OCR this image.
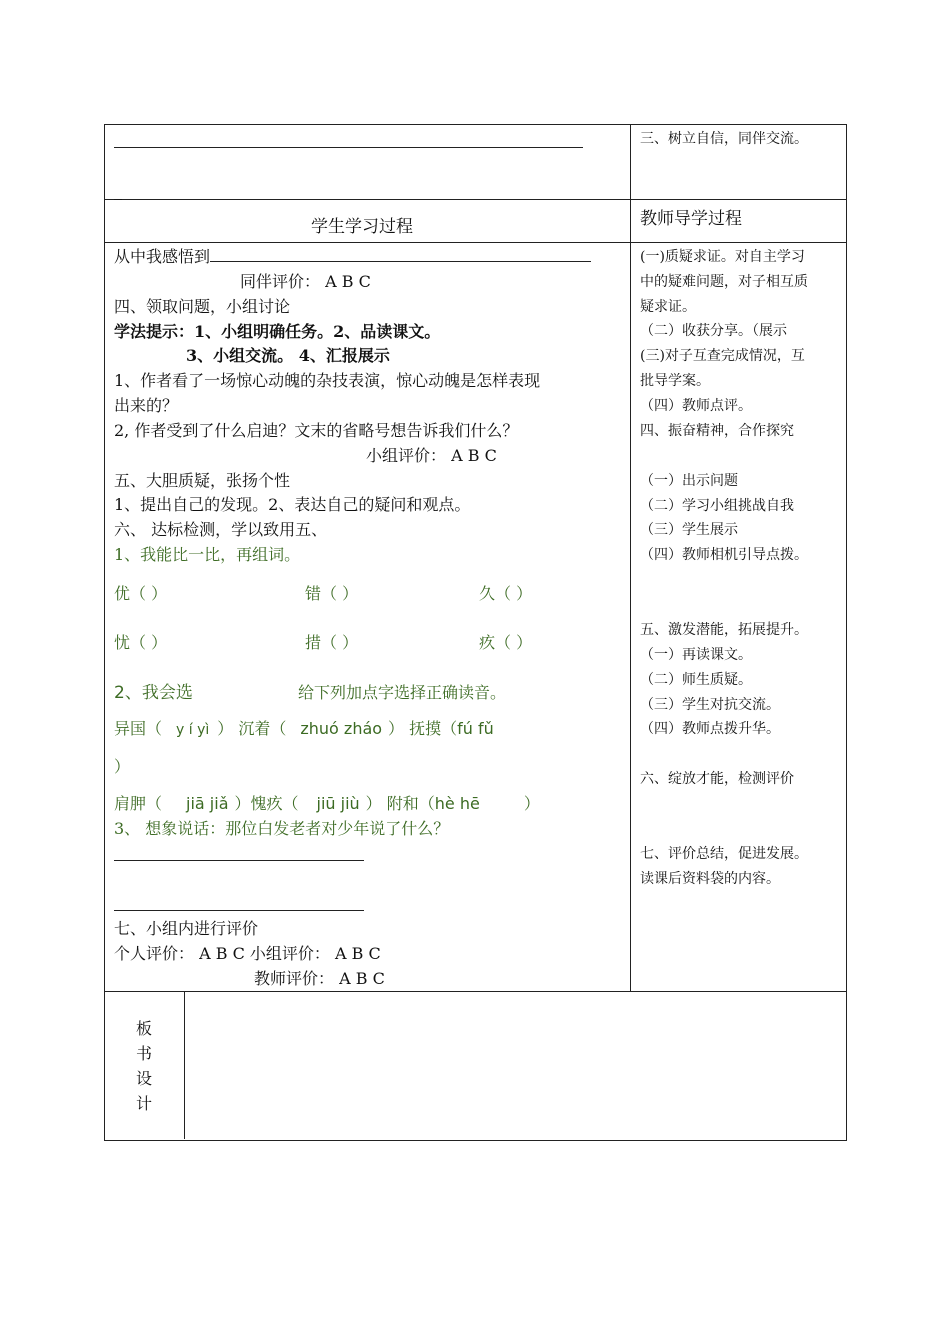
_
三、树立自信，同伴交流。
学生学习过程	教师导学过程
从中我感悟到
同伴评价： A B C
四、领取问题，小组讨论
学法提示：1、小组明确任务。2、品读课文。
3、小组交流。 4、汇报展示
1、作者看了一场惊心动魄的杂技表演，惊心动魄是怎样表现
出来的？
2, 作者受到了什么启迪？文末的省略号想告诉我们什么？
小组评价： A B C
五、大胆质疑，张扬个性
1、提出自己的发现。2、表达自己的疑问和观点。
六、 达标检测，学以致用五、
1、我能比一比，再组词。
优（ ）	错（ ）	久（ ）
忧（ ）	措（ ）	疚（ ）
2、我会选	给下列加点字选择正确读音。
异国（ y í yì ） 沉着（ zhuó zháo ） 抚摸（fú fǔ
）
肩胛（ jiā jiǎ ）愧疚（ jiū jiù ） 附和（hè hē	）
3、 想象说话：那位白发老者对少年说了什么？
七、小组内进行评价
个人评价： A B C 小组评价： A B C
教师评价： A B C
(一)质疑求证。对自主学习
中的疑难问题，对子相互质
疑求证。
（二）收获分享。（展示
(三)对子互查完成情况，互
批导学案。
（四）教师点评。
四、振奋精神，合作探究
（一）出示问题
（二）学习小组挑战自我
（三）学生展示
（四）教师相机引导点拨。
五、激发潜能，拓展提升。
（一）再读课文。
（二）师生质疑。
（三）学生对抗交流。
（四）教师点拨升华。
六、绽放才能，检测评价
七、评价总结，促进发展。
读课后资料袋的内容。
板
书
设
计
